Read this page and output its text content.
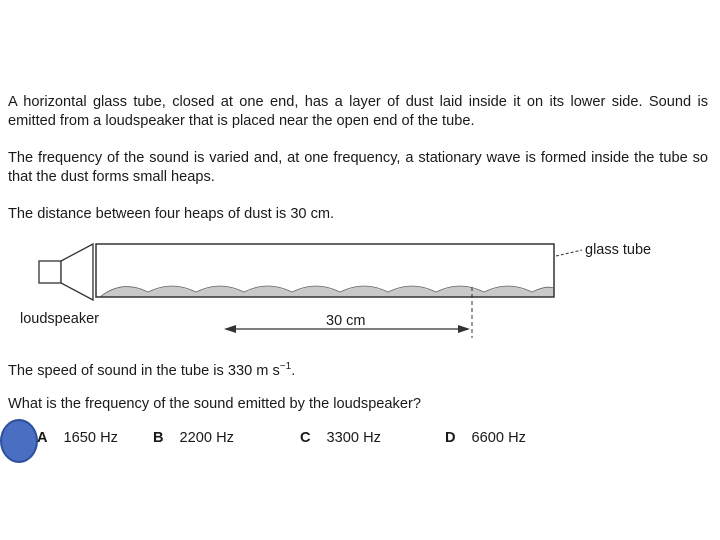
A horizontal glass tube, closed at one end, has a layer of dust laid inside it on its lower side. Sound is emitted from a loudspeaker that is placed near the open end of the tube.

The frequency of the sound is varied and, at one frequency, a stationary wave is formed inside the tube so that the dust forms small heaps.

The distance between four heaps of dust is 30 cm.

glass tube
loudspeaker	30 cm

The speed of sound in the tube is 330 m $s^{-1}$.

What is the frequency of the sound emitted by the loudspeaker?

A 1650 Hz B 2200 Hz	C 3300 Hz	D 6600 Hz
